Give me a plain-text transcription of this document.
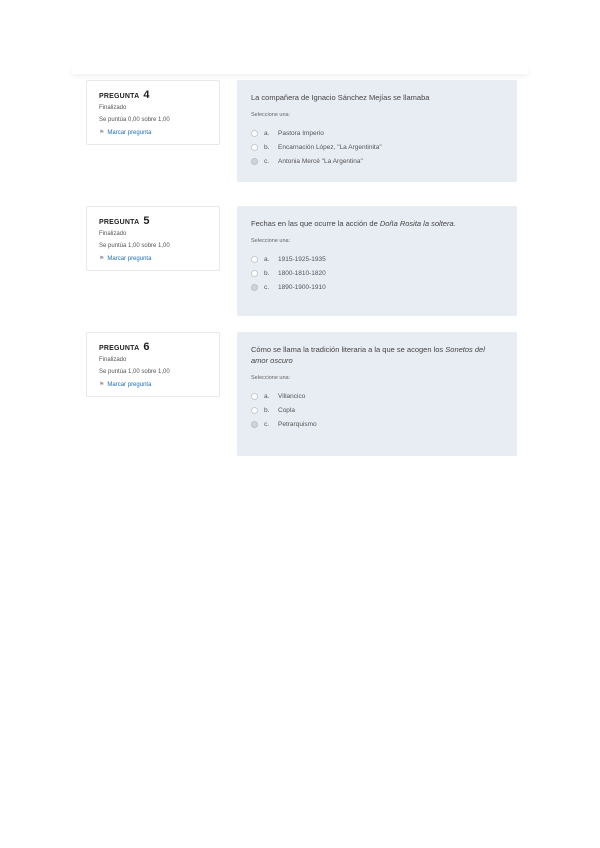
PREGUNTA 4
Finalizado
Se puntúa 0,00 sobre 1,00
⚑ Marcar pregunta
La compañera de Ignacio Sánchez Mejías se llamaba
Seleccione una:
a.	Pastora Imperio
b.	Encarnación López, "La Argentinita"
c.	Antonia Mercé "La Argentina"
PREGUNTA 5
Finalizado
Se puntúa 1,00 sobre 1,00
⚑ Marcar pregunta
Fechas en las que ocurre la acción de Doña Rosita la soltera.
Seleccione una:
a.	1915-1925-1935
b.	1800-1810-1820
c.	1890-1900-1910
PREGUNTA 6
Finalizado
Se puntúa 1,00 sobre 1,00
⚑ Marcar pregunta
Cómo se llama la tradición literaria a la que se acogen los Sonetos del amor oscuro
Seleccione una:
a.	Villancico
b.	Copla
c.	Petrarquismo
